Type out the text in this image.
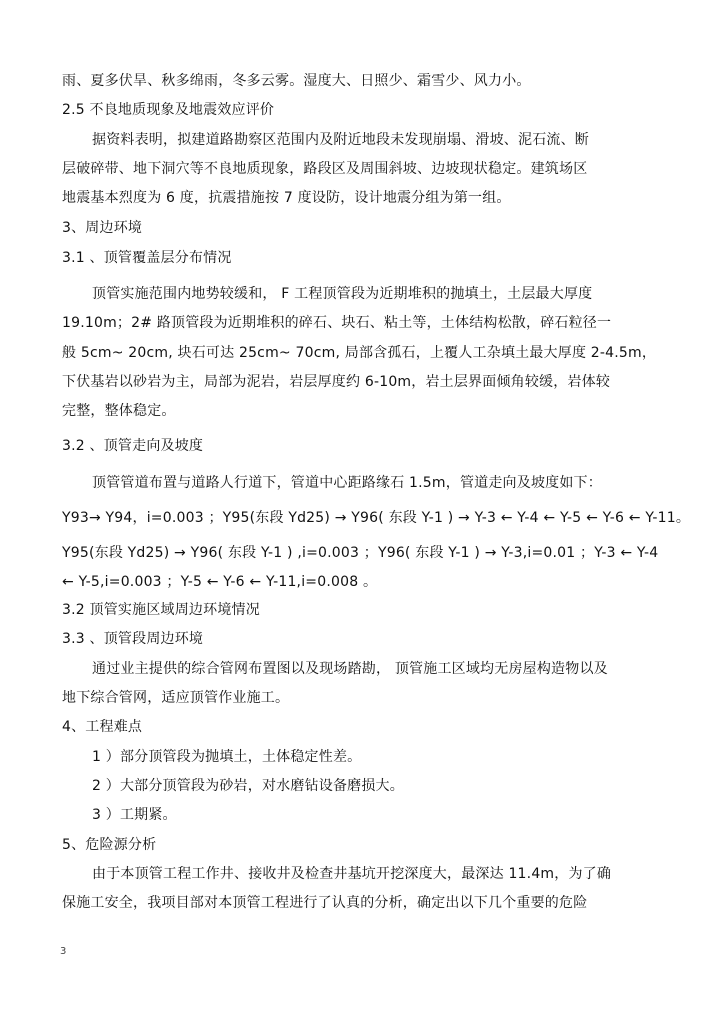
雨、夏多伏旱、秋多绵雨，冬多云雾。湿度大、日照少、霜雪少、风力小。
2.5 不良地质现象及地震效应评价
据资料表明，拟建道路勘察区范围内及附近地段未发现崩塌、滑坡、泥石流、断
层破碎带、地下洞穴等不良地质现象，路段区及周围斜坡、边坡现状稳定。建筑场区
地震基本烈度为 6 度，抗震措施按 7 度设防，设计地震分组为第一组。
3、周边环境
3.1 、顶管覆盖层分布情况
顶管实施范围内地势较缓和， F 工程顶管段为近期堆积的抛填土，土层最大厚度
19.10m；2# 路顶管段为近期堆积的碎石、块石、粘土等，土体结构松散，碎石粒径一
般 5cm~ 20cm, 块石可达 25cm~ 70cm, 局部含孤石，上覆人工杂填土最大厚度 2-4.5m，
下伏基岩以砂岩为主，局部为泥岩，岩层厚度约 6-10m，岩土层界面倾角较缓，岩体较
完整，整体稳定。
3.2 、顶管走向及坡度
顶管管道布置与道路人行道下，管道中心距路缘石 1.5m，管道走向及坡度如下：
Y93→ Y94，i=0.003 ；Y95(东段 Yd25) → Y96( 东段 Y-1 ) → Y-3 ← Y-4 ← Y-5 ← Y-6 ← Y-11。
Y95(东段 Yd25) → Y96( 东段 Y-1 ) ,i=0.003 ；Y96( 东段 Y-1 ) → Y-3,i=0.01 ；Y-3 ← Y-4
← Y-5,i=0.003 ；Y-5 ← Y-6 ← Y-11,i=0.008 。
3.2 顶管实施区域周边环境情况
3.3 、顶管段周边环境
通过业主提供的综合管网布置图以及现场踏勘， 顶管施工区域均无房屋构造物以及
地下综合管网，适应顶管作业施工。
4、工程难点
1 ）部分顶管段为抛填土，土体稳定性差。
2 ）大部分顶管段为砂岩，对水磨钻设备磨损大。
3 ）工期紧。
5、危险源分析
由于本顶管工程工作井、接收井及检查井基坑开挖深度大，最深达 11.4m，为了确
保施工安全，我项目部对本顶管工程进行了认真的分析，确定出以下几个重要的危险
3
